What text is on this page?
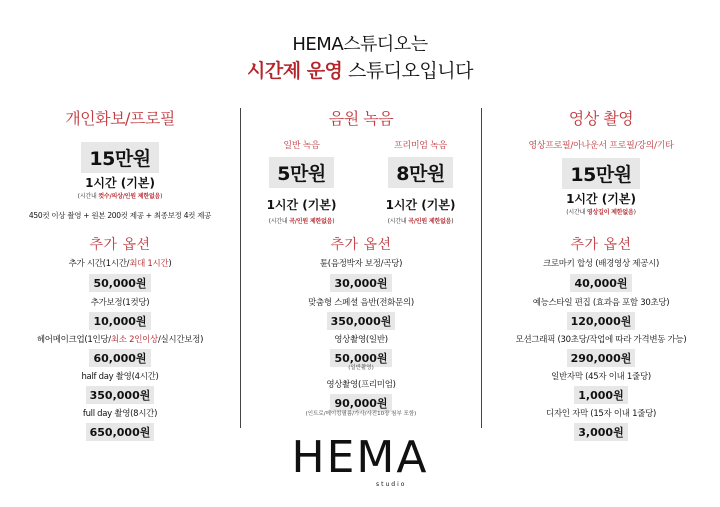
HEMA스튜디오는
시간제 운영 스튜디오입니다
개인화보/프로필
15만원
1시간 (기본)
(시간내 컷수/의상/인원 제한없음)
450컷 이상 촬영 + 원본 200컷 제공 + 최종보정 4컷 제공
추가 옵션
추가 시간(1시간/최대 1시간)
50,000원
추가보정(1컷당)
10,000원
헤어메이크업(1인당/최소 2인이상/실시간보정)
60,000원
half day 촬영(4시간)
350,000원
full day 촬영(8시간)
650,000원
음원 녹음
일반 녹음
5만원
1시간 (기본)
(시간내 곡/인원 제한없음)
프리미엄 녹음
8만원
1시간 (기본)
(시간내 곡/인원 제한없음)
추가 옵션
튠(음정박자 보정/곡당)
30,000원
맞춤형 스페셜 음반(전화문의)
350,000원
영상촬영(일반)
50,000원
(일반촬영)
영상촬영(프리미엄)
90,000원
(인트로/메이킹필름/가사/사진10장 첨부 포함)
영상 촬영
영상프로필/아나운서 프로필/강의/기타
15만원
1시간 (기본)
(시간내 영상길이 제한없음)
추가 옵션
크로마키 합성 (배경영상 제공시)
40,000원
예능스타일 편집 (효과음 포함 30초당)
120,000원
모션그래픽 (30초당/작업에 따라 가격변동 가능)
290,000원
일반자막 (45자 이내 1줄당)
1,000원
디자인 자막 (15자 이내 1줄당)
3,000원
HEMA
studio
